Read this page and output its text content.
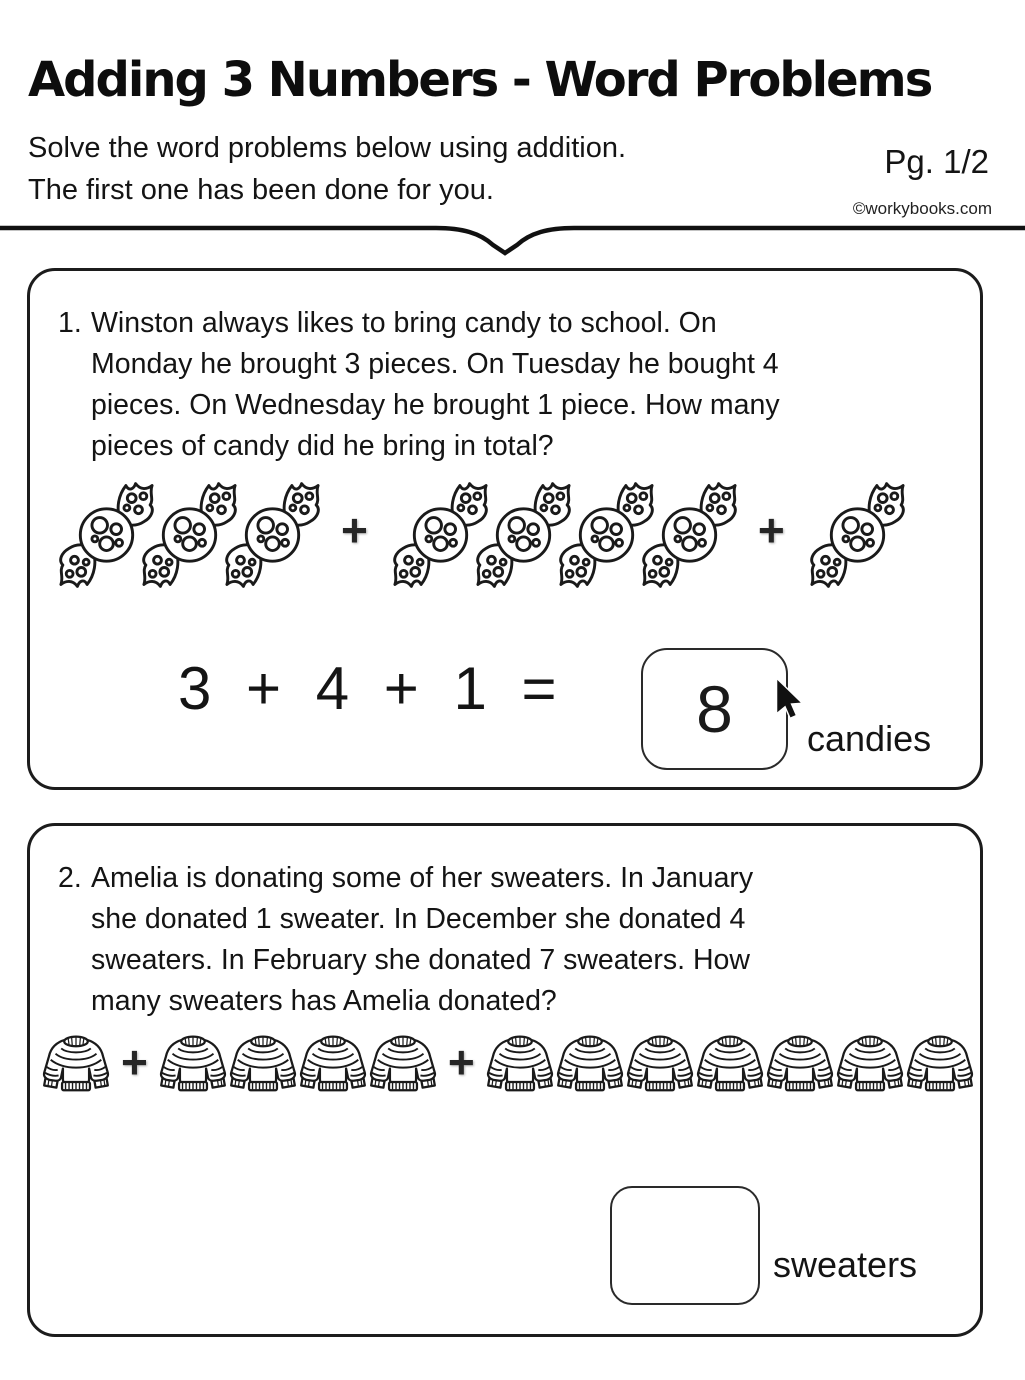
Adding 3 Numbers - Word Problems
Solve the word problems below using addition.
The first one has been done for you.
Pg. 1/2
©workybooks.com
1. Winston always likes to bring candy to school. On
Monday he brought 3 pieces. On Tuesday he bought 4
pieces. On Wednesday he brought 1 piece. How many
pieces of candy did he bring in total?
+	+
3 + 4 + 1 =	8	candies
2. Amelia is donating some of her sweaters. In January
she donated 1 sweater. In December she donated 4
sweaters. In February she donated 7 sweaters. How
many sweaters has Amelia donated?
+	+
sweaters
